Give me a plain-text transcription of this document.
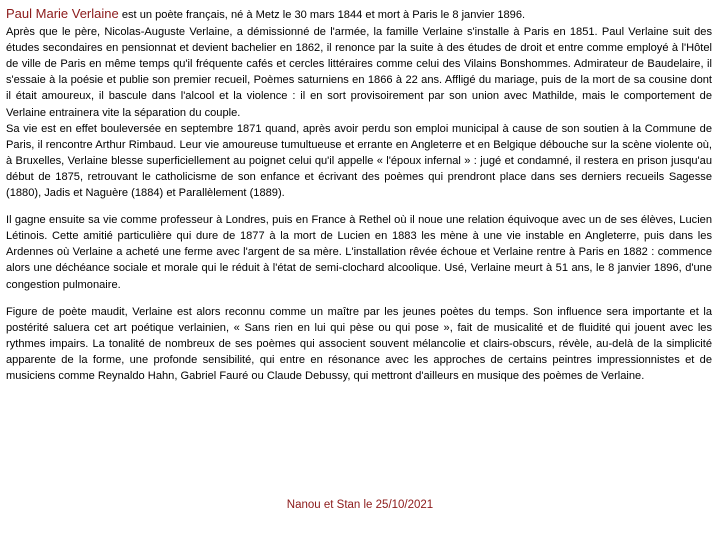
Paul Marie Verlaine est un poète français, né à Metz le 30 mars 1844 et mort à Paris le 8 janvier 1896.

Après que le père, Nicolas-Auguste Verlaine, a démissionné de l'armée, la famille Verlaine s'installe à Paris en 1851. Paul Verlaine suit des études secondaires en pensionnat et devient bachelier en 1862, il renonce par la suite à des études de droit et entre comme employé à l'Hôtel de ville de Paris en même temps qu'il fréquente cafés et cercles littéraires comme celui des Vilains Bonshommes. Admirateur de Baudelaire, il s'essaie à la poésie et publie son premier recueil, Poèmes saturniens en 1866 à 22 ans. Affligé du mariage, puis de la mort de sa cousine dont il était amoureux, il bascule dans l'alcool et la violence : il en sort provisoirement par son union avec Mathilde, mais le comportement de Verlaine entrainera vite la séparation du couple.

Sa vie est en effet bouleversée en septembre 1871 quand, après avoir perdu son emploi municipal à cause de son soutien à la Commune de Paris, il rencontre Arthur Rimbaud. Leur vie amoureuse tumultueuse et errante en Angleterre et en Belgique débouche sur la scène violente où, à Bruxelles, Verlaine blesse superficiellement au poignet celui qu'il appelle « l'époux infernal » : jugé et condamné, il restera en prison jusqu'au début de 1875, retrouvant le catholicisme de son enfance et écrivant des poèmes qui prendront place dans ses derniers recueils Sagesse (1880), Jadis et Naguère (1884) et Parallèlement (1889).

Il gagne ensuite sa vie comme professeur à Londres, puis en France à Rethel où il noue une relation équivoque avec un de ses élèves, Lucien Létinois. Cette amitié particulière qui dure de 1877 à la mort de Lucien en 1883 les mène à une vie instable en Angleterre, puis dans les Ardennes où Verlaine a acheté une ferme avec l'argent de sa mère. L'installation rêvée échoue et Verlaine rentre à Paris en 1882 : commence alors une déchéance sociale et morale qui le réduit à l'état de semi-clochard alcoolique. Usé, Verlaine meurt à 51 ans, le 8 janvier 1896, d'une congestion pulmonaire.

Figure de poète maudit, Verlaine est alors reconnu comme un maître par les jeunes poètes du temps. Son influence sera importante et la postérité saluera cet art poétique verlainien, « Sans rien en lui qui pèse ou qui pose », fait de musicalité et de fluidité qui jouent avec les rythmes impairs. La tonalité de nombreux de ses poèmes qui associent souvent mélancolie et clairs-obscurs, révèle, au-delà de la simplicité apparente de la forme, une profonde sensibilité, qui entre en résonance avec les approches de certains peintres impressionnistes et de musiciens comme Reynaldo Hahn, Gabriel Fauré ou Claude Debussy, qui mettront d'ailleurs en musique des poèmes de Verlaine.

Nanou et Stan le 25/10/2021
